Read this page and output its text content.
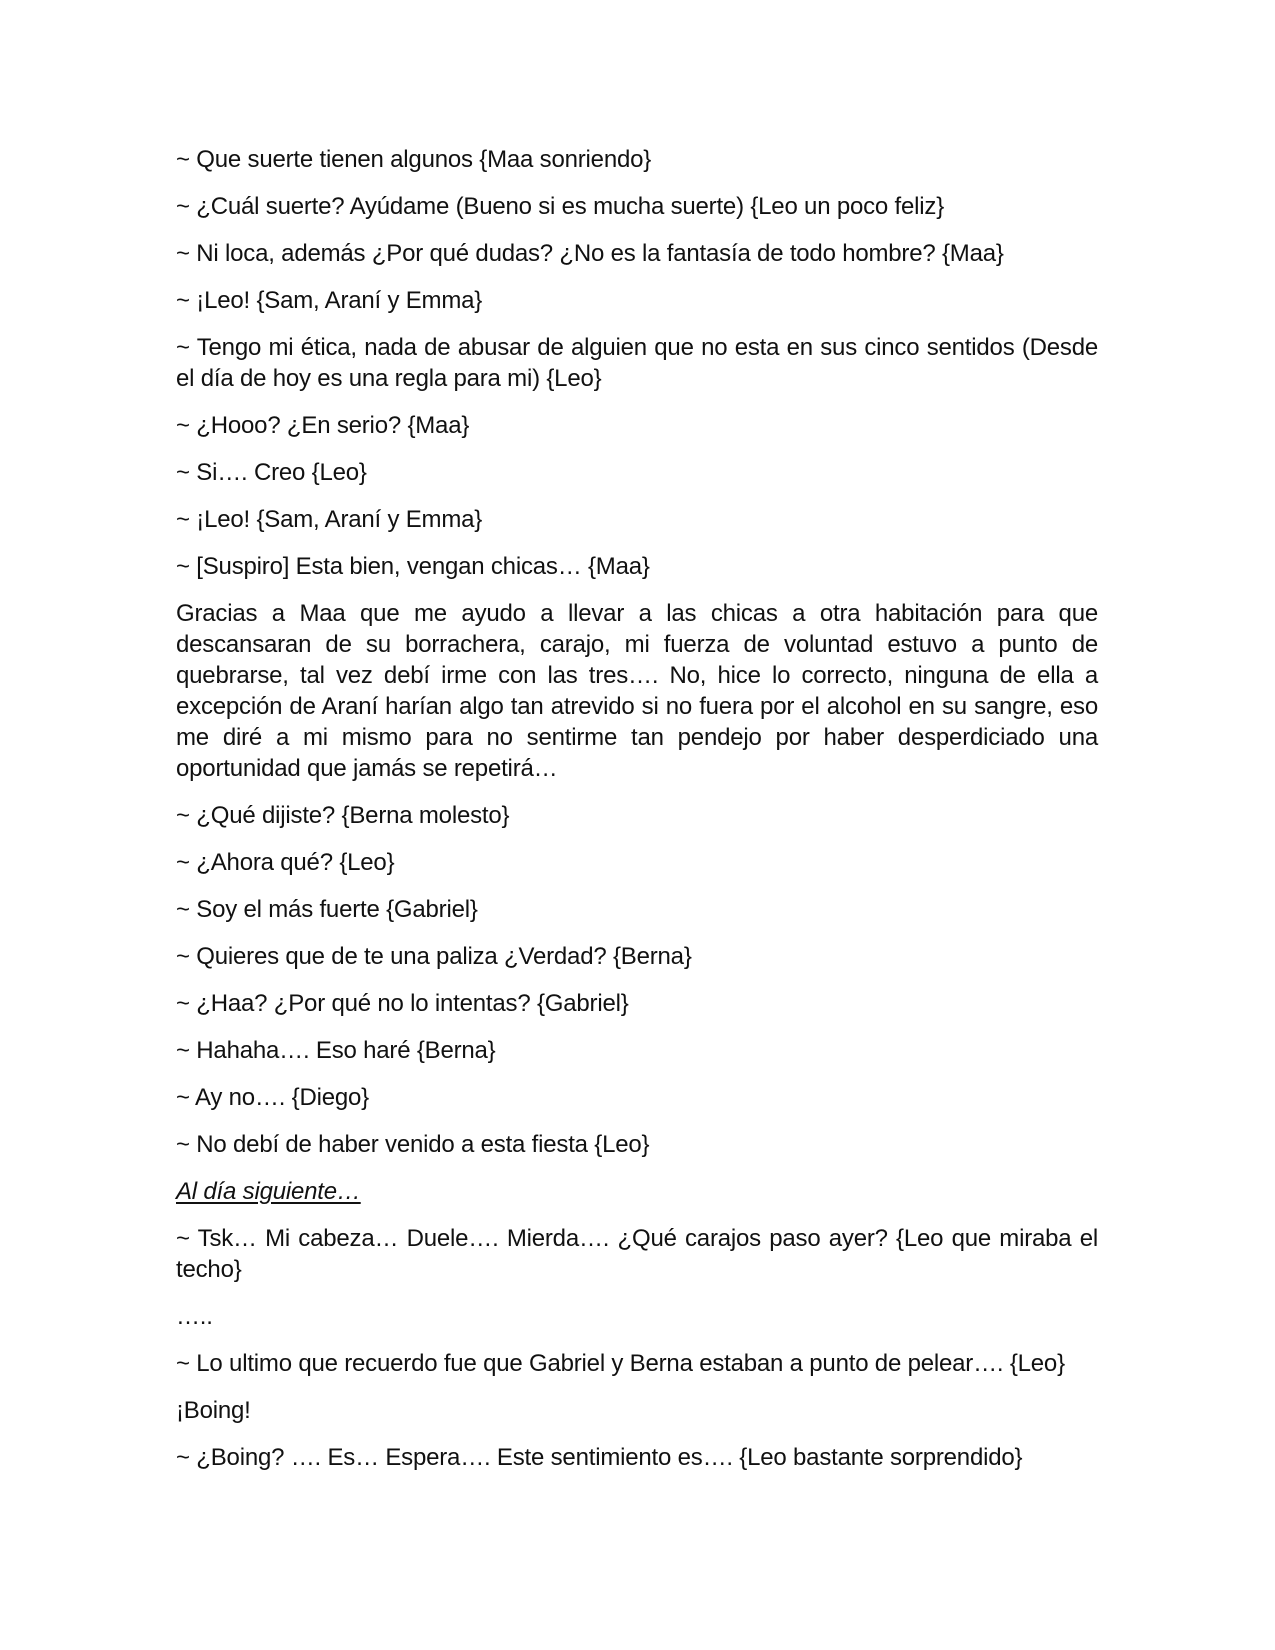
~ Que suerte tienen algunos {Maa sonriendo}

~ ¿Cuál suerte? Ayúdame (Bueno si es mucha suerte) {Leo un poco feliz}

~ Ni loca, además ¿Por qué dudas? ¿No es la fantasía de todo hombre? {Maa}

~ ¡Leo! {Sam, Araní y Emma}

~ Tengo mi ética, nada de abusar de alguien que no esta en sus cinco sentidos (Desde el día de hoy es una regla para mi) {Leo}

~ ¿Hooo? ¿En serio? {Maa}

~ Si…. Creo {Leo}

~ ¡Leo! {Sam, Araní y Emma}

~ [Suspiro] Esta bien, vengan chicas… {Maa}

Gracias a Maa que me ayudo a llevar a las chicas a otra habitación para que descansaran de su borrachera, carajo, mi fuerza de voluntad estuvo a punto de quebrarse, tal vez debí irme con las tres…. No, hice lo correcto, ninguna de ella a excepción de Araní harían algo tan atrevido si no fuera por el alcohol en su sangre, eso me diré a mi mismo para no sentirme tan pendejo por haber desperdiciado una oportunidad que jamás se repetirá…

~ ¿Qué dijiste? {Berna molesto}

~ ¿Ahora qué? {Leo}

~ Soy el más fuerte {Gabriel}

~ Quieres que de te una paliza ¿Verdad? {Berna}

~ ¿Haa? ¿Por qué no lo intentas? {Gabriel}

~ Hahaha…. Eso haré {Berna}

~ Ay no…. {Diego}

~ No debí de haber venido a esta fiesta {Leo}

Al día siguiente…

~ Tsk… Mi cabeza… Duele…. Mierda…. ¿Qué carajos paso ayer? {Leo que miraba el techo}

…..

~ Lo ultimo que recuerdo fue que Gabriel y Berna estaban a punto de pelear…. {Leo}

¡Boing!

~ ¿Boing? …. Es… Espera…. Este sentimiento es…. {Leo bastante sorprendido}
